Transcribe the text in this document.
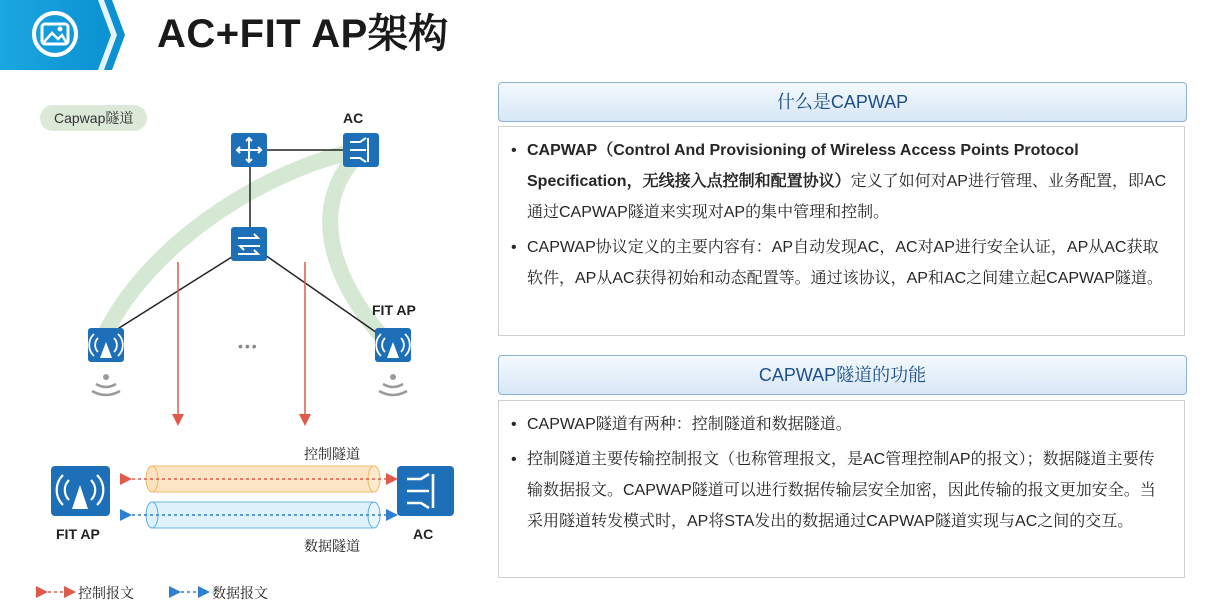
AC+FIT AP架构
Capwap隧道	AC
FIT AP
•••
控制隧道
数据隧道
FIT AP	AC
控制报文	数据报文
什么是CAPWAP
• CAPWAP（Control And Provisioning of Wireless Access Points Protocol Specification，无线接入点控制和配置协议）定义了如何对AP进行管理、业务配置，即AC通过CAPWAP隧道来实现对AP的集中管理和控制。
• CAPWAP协议定义的主要内容有：AP自动发现AC，AC对AP进行安全认证，AP从AC获取软件，AP从AC获得初始和动态配置等。通过该协议，AP和AC之间建立起CAPWAP隧道。
CAPWAP隧道的功能
• CAPWAP隧道有两种：控制隧道和数据隧道。
• 控制隧道主要传输控制报文（也称管理报文，是AC管理控制AP的报文）；数据隧道主要传输数据报文。CAPWAP隧道可以进行数据传输层安全加密，因此传输的报文更加安全。当采用隧道转发模式时，AP将STA发出的数据通过CAPWAP隧道实现与AC之间的交互。
